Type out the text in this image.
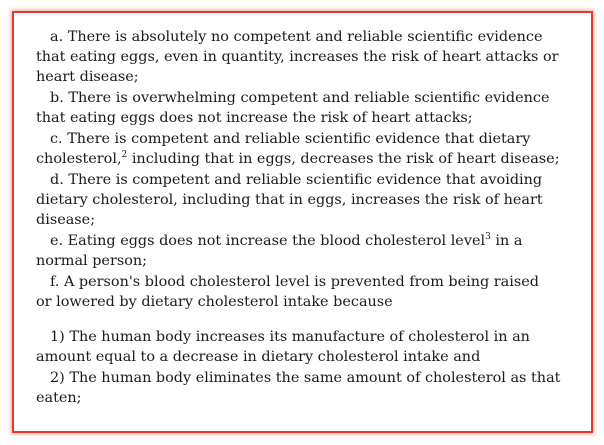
a. There is absolutely no competent and reliable scientific evidence
that eating eggs, even in quantity, increases the risk of heart attacks or
heart disease;
b. There is overwhelming competent and reliable scientific evidence
that eating eggs does not increase the risk of heart attacks;
c. There is competent and reliable scientific evidence that dietary
cholesterol,$^2$ including that in eggs, decreases the risk of heart disease;
d. There is competent and reliable scientific evidence that avoiding
dietary cholesterol, including that in eggs, increases the risk of heart
disease;
e. Eating eggs does not increase the blood cholesterol level$^3$ in a
normal person;
f. A person's blood cholesterol level is prevented from being raised
or lowered by dietary cholesterol intake because
1) The human body increases its manufacture of cholesterol in an
amount equal to a decrease in dietary cholesterol intake and
2) The human body eliminates the same amount of cholesterol as that
eaten;
